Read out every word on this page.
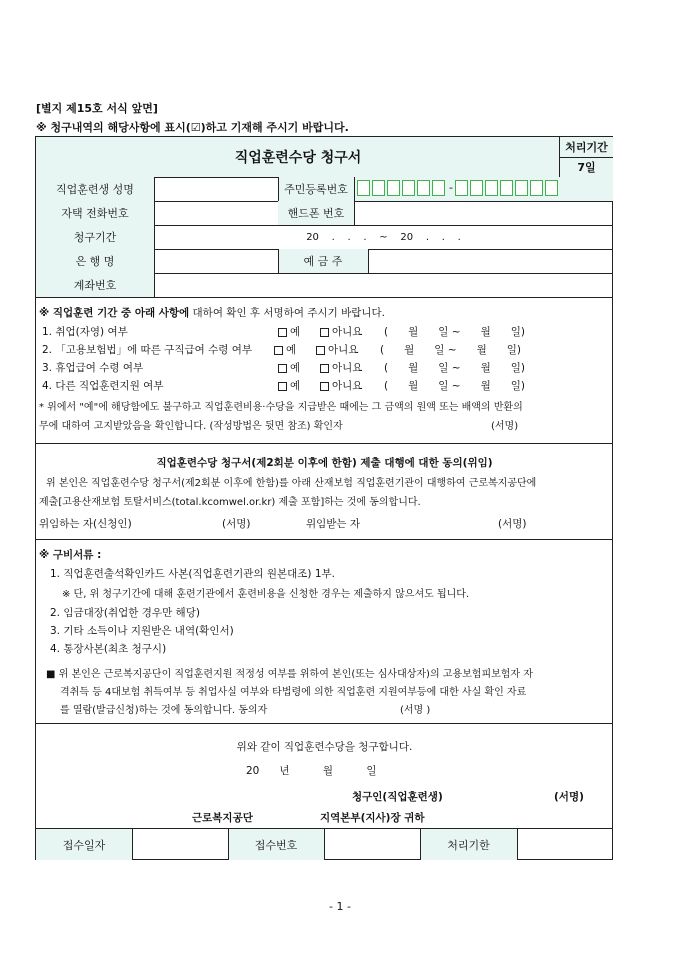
[별지 제15호 서식 앞면]
※ 청구내역의 해당사항에 표시(☑)하고 기재해 주시기 바랍니다.
직업훈련수당 청구서
처리기간
7일
직업훈련생 성명	주민등록번호	-
자택 전화번호	핸드폰 번호
청구기간	20    .    .    .    ~    20    .    .    .
은 행 명	예 금 주
계좌번호
※ 직업훈련 기간 중 아래 사항에 대하여 확인 후 서명하여 주시기 바랍니다.
1. 취업(자영) 여부	예	아니요 (      월      일 ~      월      일)
2. 「고용보험법」에 따른 구직급여 수령 여부	예	아니요 (      월      일 ~      월      일)
3. 휴업급여 수령 여부	예	아니요 (      월      일 ~      월      일)
4. 다른 직업훈련지원 여부	예	아니요 (      월      일 ~      월      일)
* 위에서 "예"에 해당함에도 불구하고 직업훈련비용·수당을 지급받은 때에는 그 금액의 원액 또는 배액의 반환의
무에 대하여 고지받았음을 확인합니다. (작성방법은 뒷면 참조) 확인자	(서명)
직업훈련수당 청구서(제2회분 이후에 한함) 제출 대행에 대한 동의(위임)
위 본인은 직업훈련수당 청구서(제2회분 이후에 한함)를 아래 산재보험 직업훈련기관이 대행하여 근로복지공단에
제출[고용산재보험 토탈서비스(total.kcomwel.or.kr) 제출 포함]하는 것에 동의합니다.
위임하는 자(신청인)	(서명)	위임받는 자	(서명)
※ 구비서류 :
1. 직업훈련출석확인카드 사본(직업훈련기관의 원본대조) 1부.
※ 단, 위 청구기간에 대해 훈련기관에서 훈련비용을 신청한 경우는 제출하지 않으셔도 됩니다.
2. 임금대장(취업한 경우만 해당)
3. 기타 소득이나 지원받은 내역(확인서)
4. 통장사본(최초 청구시)
■ 위 본인은 근로복지공단이 직업훈련지원 적정성 여부를 위하여 본인(또는 심사대상자)의 고용보험피보험자 자
격취득 등 4대보험 취득여부 등 취업사실 여부와 타법령에 의한 직업훈련 지원여부등에 대한 사실 확인 자료
를 열람(발급신청)하는 것에 동의합니다. 동의자	(서명 )
위와 같이 직업훈련수당을 청구합니다.
20      년          월          일
청구인(직업훈련생)	(서명)
근로복지공단	지역본부(지사)장 귀하
접수일자	접수번호	처리기한
- 1 -
